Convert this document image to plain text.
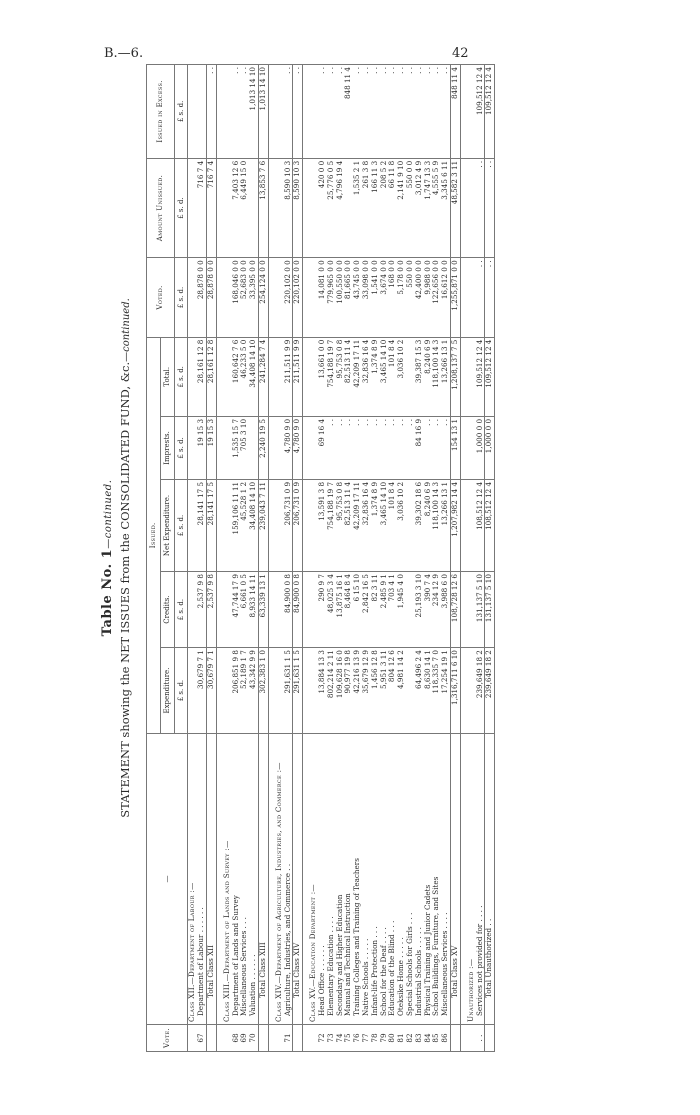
B.—6.	42
Table No. 1—continued. STATEMENT showing the NET ISSUES from the CONSOLIDATED FUND, &c.—continued.
Vote.	—	Issued.					Voted.	Amount Unissued.	Issued in Excess.
		Expenditure.	Credits.	Net Expenditure.	Imprests.	Total.			
		£ s. d.	£ s. d.	£ s. d.	£ s. d.	£ s. d.	£ s. d.	£ s. d.	£ s. d.
	Class XII.—Department of Labour :—								
67	Department of Labour . . . . . .	30,679 7 1	2,537 9 8	28,141 17 5	19 15 3	28,161 12 8	28,878 0 0	716 7 4	
	Total Class XII	30,679 7 1	2,537 9 8	28,141 17 5	19 15 3	28,161 12 8	28,878 0 0	716 7 4	. .

	Class XIII.—Department of Lands and Survey :—								
68	Department of Lands and Survey	206,851 9 8	47,744 17 9	159,106 11 11	1,535 15 7	160,642 7 6	168,046 0 0	7,403 12 6	. .
69	Miscellaneous Services . . .	52,189 1 7	6,661 0 5	45,528 1 2	705 3 10	46,233 5 0	52,683 0 0	6,449 15 0	. .
70	Valuation . . . . . .	43,342 9 9	8,933 14 11	34,408 14 10		34,408 14 10	33,395 0 0		1,013 14 10
	Total Class XIII	302,383 1 0	63,339 13 1	239,043 7 11	2,240 19 5	241,284 7 4	254,124 0 0	13,853 7 6	1,013 14 10

	Class XIV.—Department of Agriculture, Industries, and Commerce :—								
71	Agriculture, Industries, and Commerce . .	291,631 1 5	84,900 0 8	206,731 0 9	4,780 9 0	211,511 9 9	220,102 0 0	8,590 10 3	. .
	Total Class XIV	291,631 1 5	84,900 0 8	206,731 0 9	4,780 9 0	211,511 9 9	220,102 0 0	8,590 10 3	. .

	Class XV.—Education Department :—								
72	Head Office . . . . . .	13,884 13 3	290 9 7	13,591 3 8	69 16 4	13,661 0 0	14,081 0 0	420 0 0	. .
73	Elementary Education . . . .	802,214 2 11	48,025 3 4	754,188 19 7	. .	754,188 19 7	779,965 0 0	25,776 0 5	. .
74	Secondary and Higher Education	109,628 16 0	13,875 16 1	95,753 0 8	. .	95,753 0 8	100,550 0 0	4,796 19 4	. .
75	Manual and Technical Instruction	90,977 19 8	8,464 8 4	82,513 11 4	. .	82,513 11 4	81,665 0 0		848 11 4
76	Training Colleges and Training of Teachers	42,216 13 9	6 15 10	42,209 17 11	. .	42,209 17 11	43,745 0 0	1,535 2 1	. .
77	Native Schools . . . . .	35,679 12 9	2,842 16 5	32,836 16 4	. .	32,836 16 4	33,098 0 0	261 3 8	. .
78	Infant-life Protection . . .	1,456 12 8	82 3 11	1,374 8 9	. .	1,374 8 9	1,541 0 0	166 11 3	. .
79	School for the Deaf . . . .	5,951 3 11	2,485 9 1	3,465 14 10	. .	3,465 14 10	3,674 0 0	208 5 2	. .
80	Education of the Blind . . .	804 12 6	703 4 1	101 8 4	. .	101 8 4	168 0 0	66 11 8	. .
81	Oteksike Home . . . . .	4,981 14 2	1,945 4 0	3,036 10 2	. .	3,036 10 2	5,178 0 0	2,141 9 10	. .
82	Special Schools for Girls . . .				. .		550 0 0	550 0 0	. .
83	Industrial Schools . . . . .	64,496 2 4	25,193 3 10	39,302 18 6	84 16 9	39,387 15 3	42,400 0 0	3,012 4 9	. .
84	Physical Training and Junior Cadets	8,630 14 1	390 7 4	8,240 6 9	. .	8,240 6 9	9,988 0 0	1,747 13 3	. .
85	School Buildings, Furniture, and Sites	118,335 7 0	234 12 9	118,100 14 3	. .	118,100 14 3	122,656 0 0	4,555 5 9	. .
86	Miscellaneous Services . . . .	17,254 19 1	3,988 6 0	13,266 13 1	. .	13,266 13 1	16,612 0 0	3,345 6 11	. .
	Total Class XV	1,316,711 6 10	108,728 12 6	1,207,982 14 4	154 13 1	1,208,137 7 5	1,255,871 0 0	48,582 3 11	848 11 4

	Unauthorized :—								
. .	Services not provided for . . . .	239,649 18 2	131,137 5 10	108,512 12 4	1,000 0 0	109,512 12 4	. .	. .	109,512 12 4
	Total Unauthorized . .	239,649 18 2	131,137 5 10	108,512 12 4	1,000 0 0	109,512 12 4	. .	. .	109,512 12 4
